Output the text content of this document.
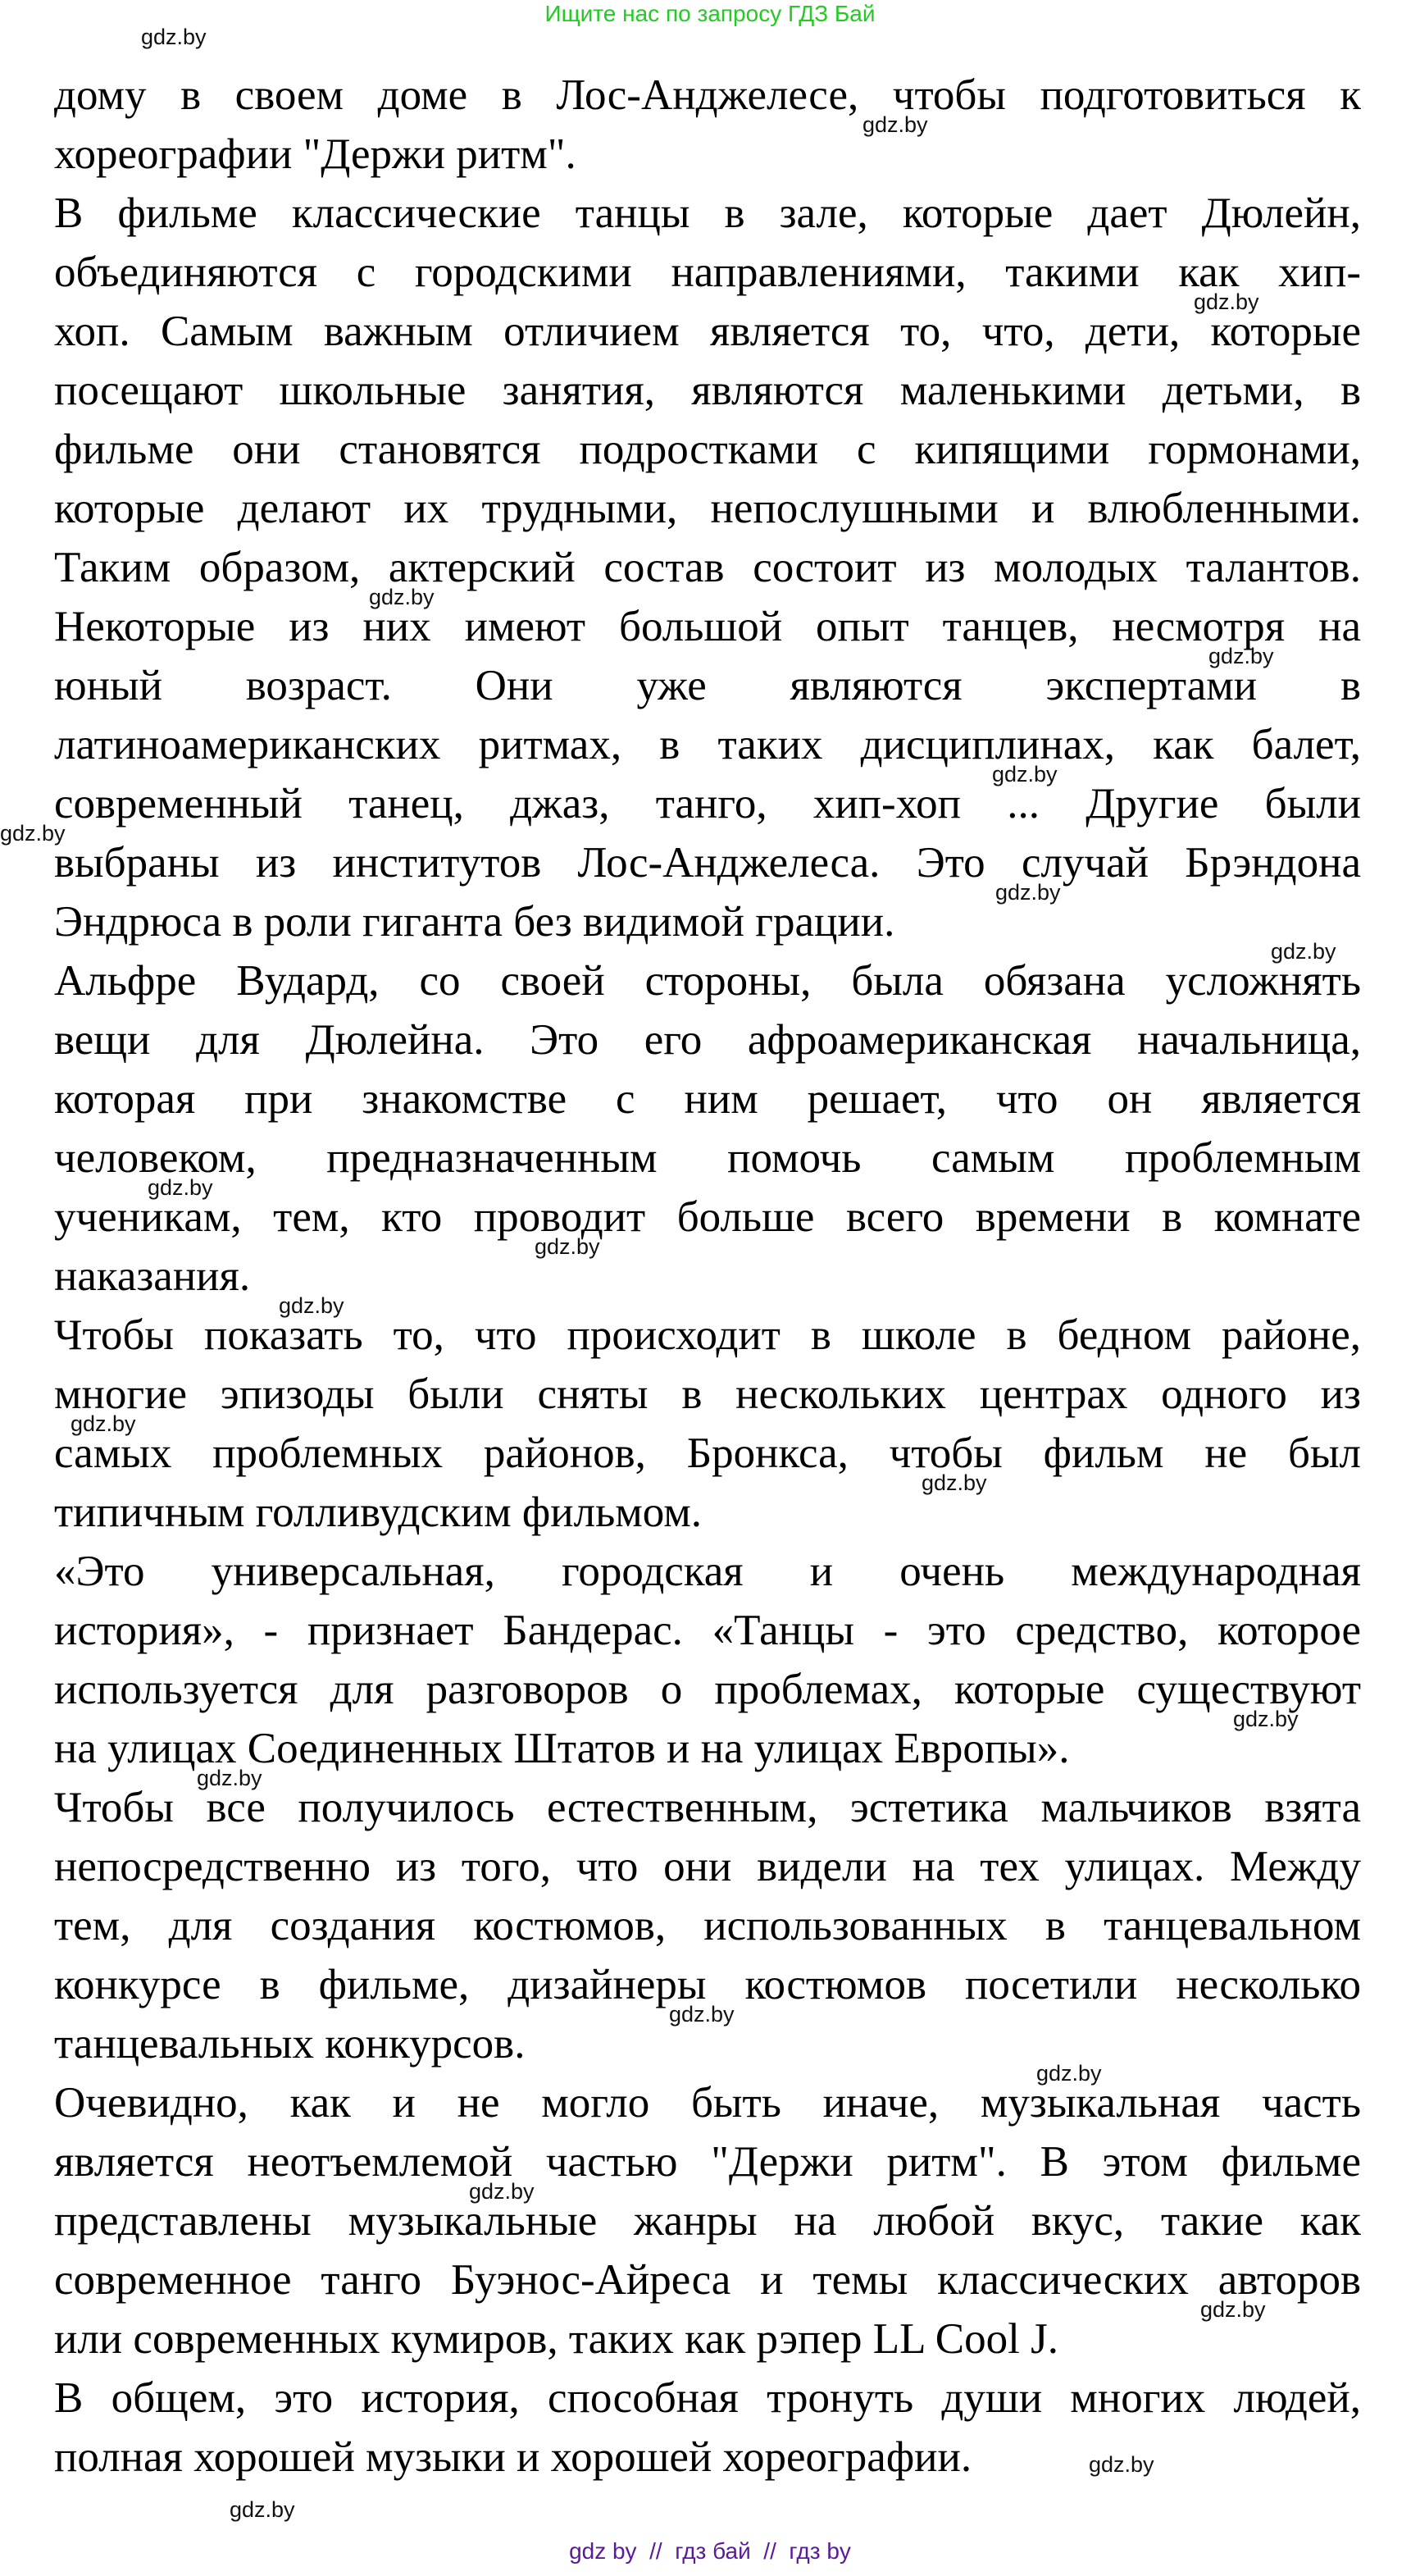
Ищите нас по запросу ГДЗ Бай
дому в своем доме в Лос-Анджелесе, чтобы подготовиться к
хореографии "Держи ритм".
В фильме классические танцы в зале, которые дает Дюлейн,
объединяются с городскими направлениями, такими как хип-
хоп. Самым важным отличием является то, что, дети, которые
посещают школьные занятия, являются маленькими детьми, в
фильме они становятся подростками с кипящими гормонами,
которые делают их трудными, непослушными и влюбленными.
Таким образом, актерский состав состоит из молодых талантов.
Некоторые из них имеют большой опыт танцев, несмотря на
юный возраст. Они уже являются экспертами в
латиноамериканских ритмах, в таких дисциплинах, как балет,
современный танец, джаз, танго, хип-хоп ... Другие были
выбраны из институтов Лос-Анджелеса. Это случай Брэндона
Эндрюса в роли гиганта без видимой грации.
Альфре Вудард, со своей стороны, была обязана усложнять
вещи для Дюлейна. Это его афроамериканская начальница,
которая при знакомстве с ним решает, что он является
человеком, предназначенным помочь самым проблемным
ученикам, тем, кто проводит больше всего времени в комнате
наказания.
Чтобы показать то, что происходит в школе в бедном районе,
многие эпизоды были сняты в нескольких центрах одного из
самых проблемных районов, Бронкса, чтобы фильм не был
типичным голливудским фильмом.
«Это универсальная, городская и очень международная
история», - признает Бандерас. «Танцы - это средство, которое
используется для разговоров о проблемах, которые существуют
на улицах Соединенных Штатов и на улицах Европы».
Чтобы все получилось естественным, эстетика мальчиков взята
непосредственно из того, что они видели на тех улицах. Между
тем, для создания костюмов, использованных в танцевальном
конкурсе в фильме, дизайнеры костюмов посетили несколько
танцевальных конкурсов.
Очевидно, как и не могло быть иначе, музыкальная часть
является неотъемлемой частью "Держи ритм". В этом фильме
представлены музыкальные жанры на любой вкус, такие как
современное танго Буэнос-Айреса и темы классических авторов
или современных кумиров, таких как рэпер LL Cool J.
В общем, это история, способная тронуть души многих людей,
полная хорошей музыки и хорошей хореографии.
gdz.by
gdz.by
gdz.by
gdz.by
gdz.by
gdz.by
gdz.by
gdz.by
gdz.by
gdz.by
gdz.by
gdz.by
gdz.by
gdz.by
gdz.by
gdz.by
gdz.by
gdz.by
gdz.by
gdz.by
gdz.by
gdz.by
gdz by  //  гдз бай  //  гдз by
